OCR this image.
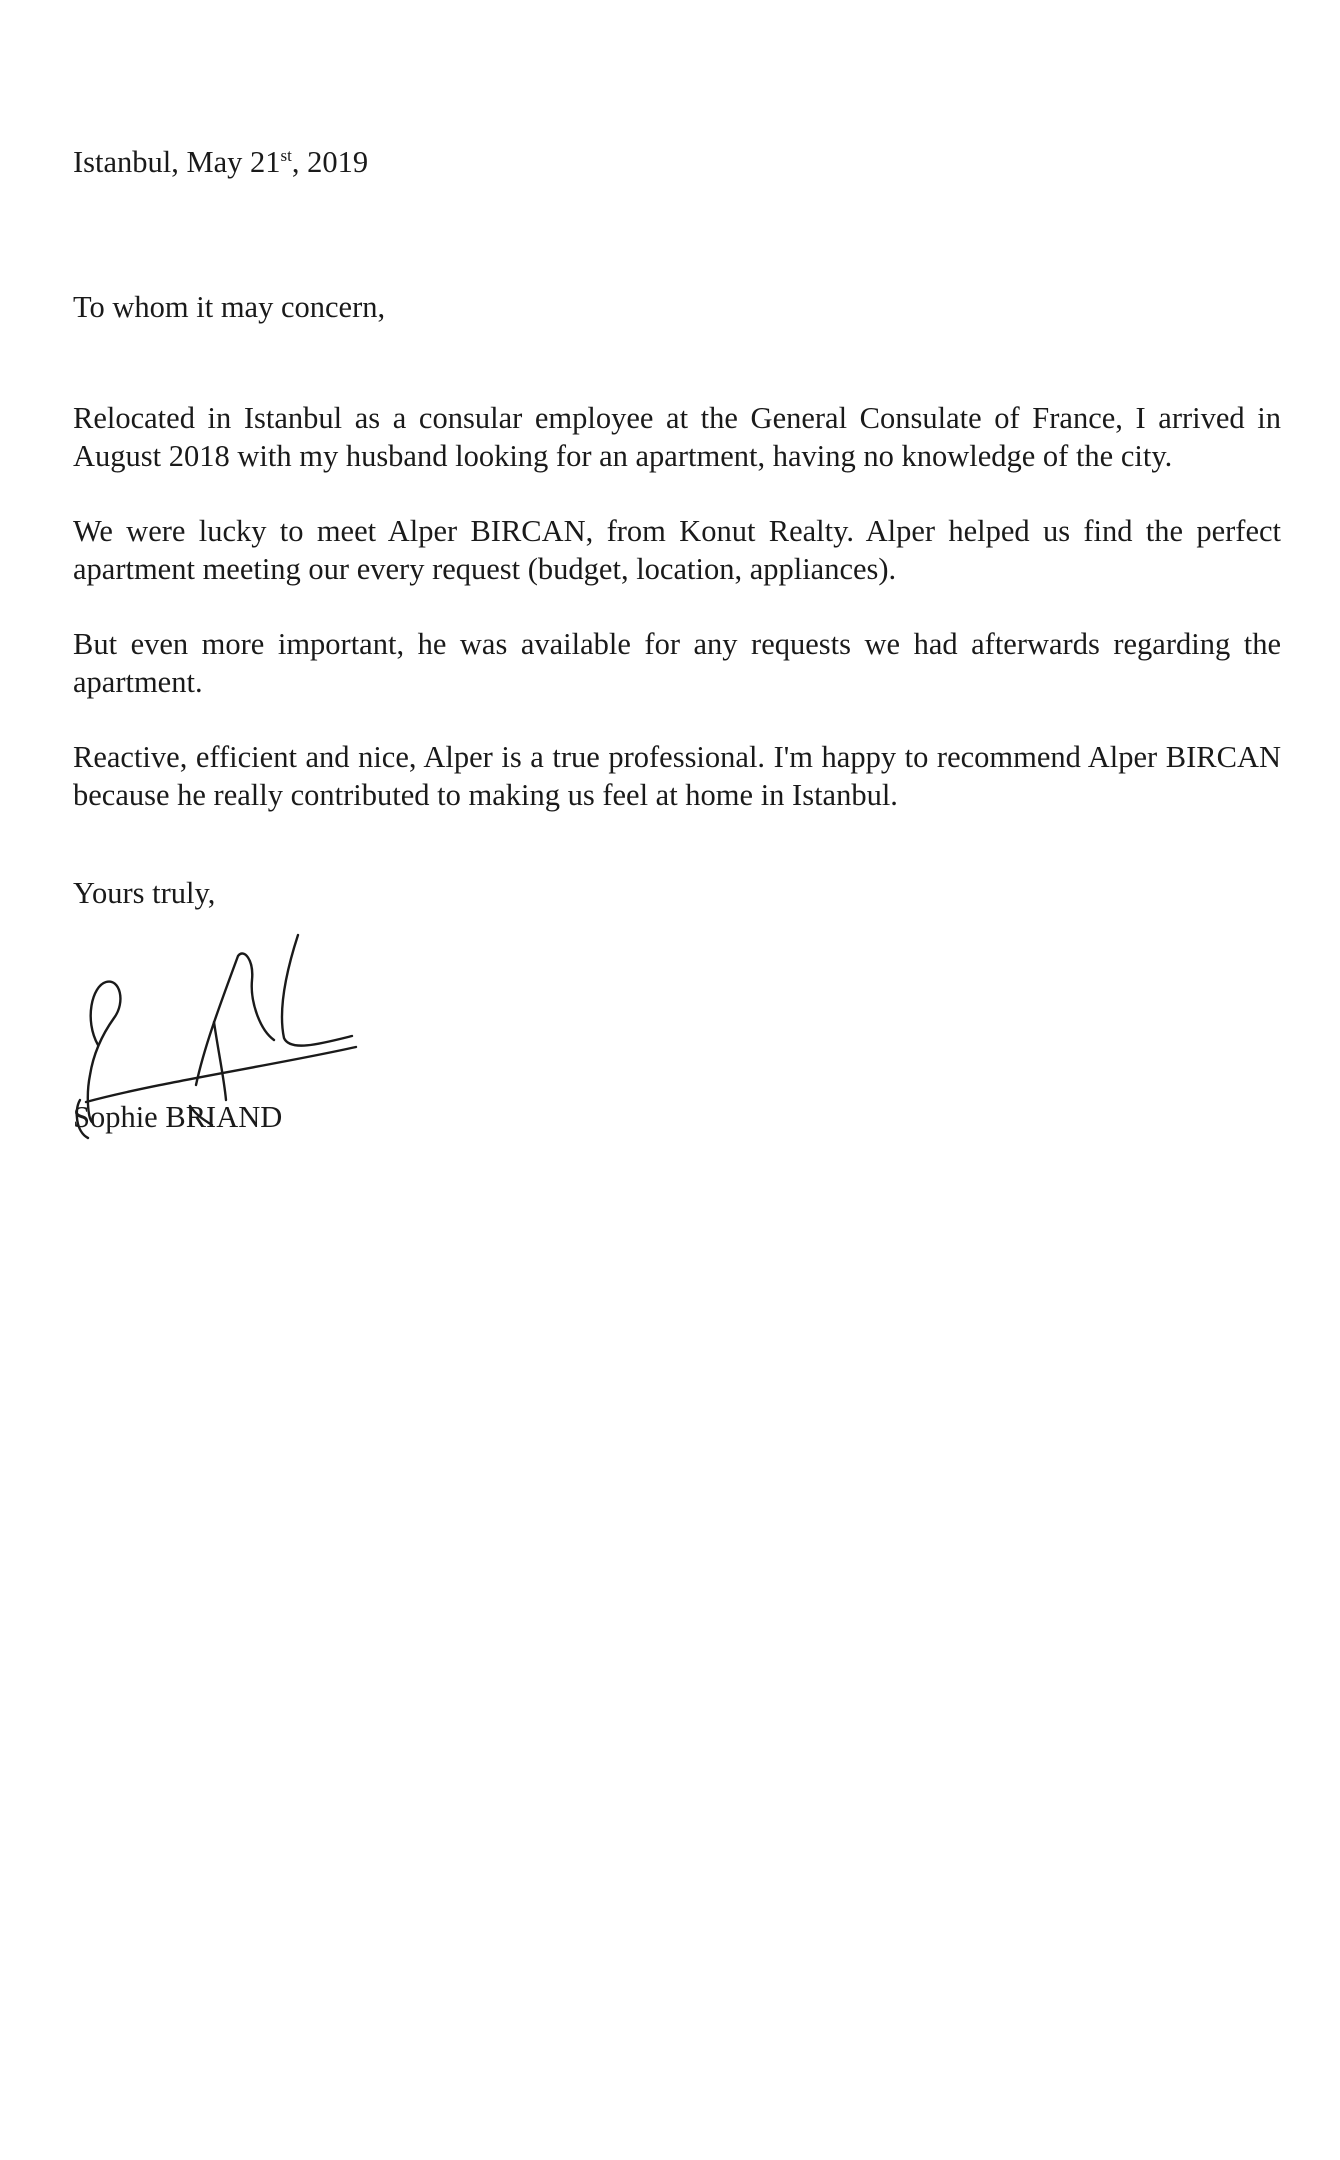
Istanbul, May 21st, 2019

To whom it may concern,

Relocated in Istanbul as a consular employee at the General Consulate of France, I arrived in August 2018 with my husband looking for an apartment, having no knowledge of the city.

We were lucky to meet Alper BIRCAN, from Konut Realty. Alper helped us find the perfect apartment meeting our every request (budget, location, appliances).

But even more important, he was available for any requests we had afterwards regarding the apartment.

Reactive, efficient and nice, Alper is a true professional. I'm happy to recommend Alper BIRCAN because he really contributed to making us feel at home in Istanbul.

Yours truly,

Sophie BRIAND
